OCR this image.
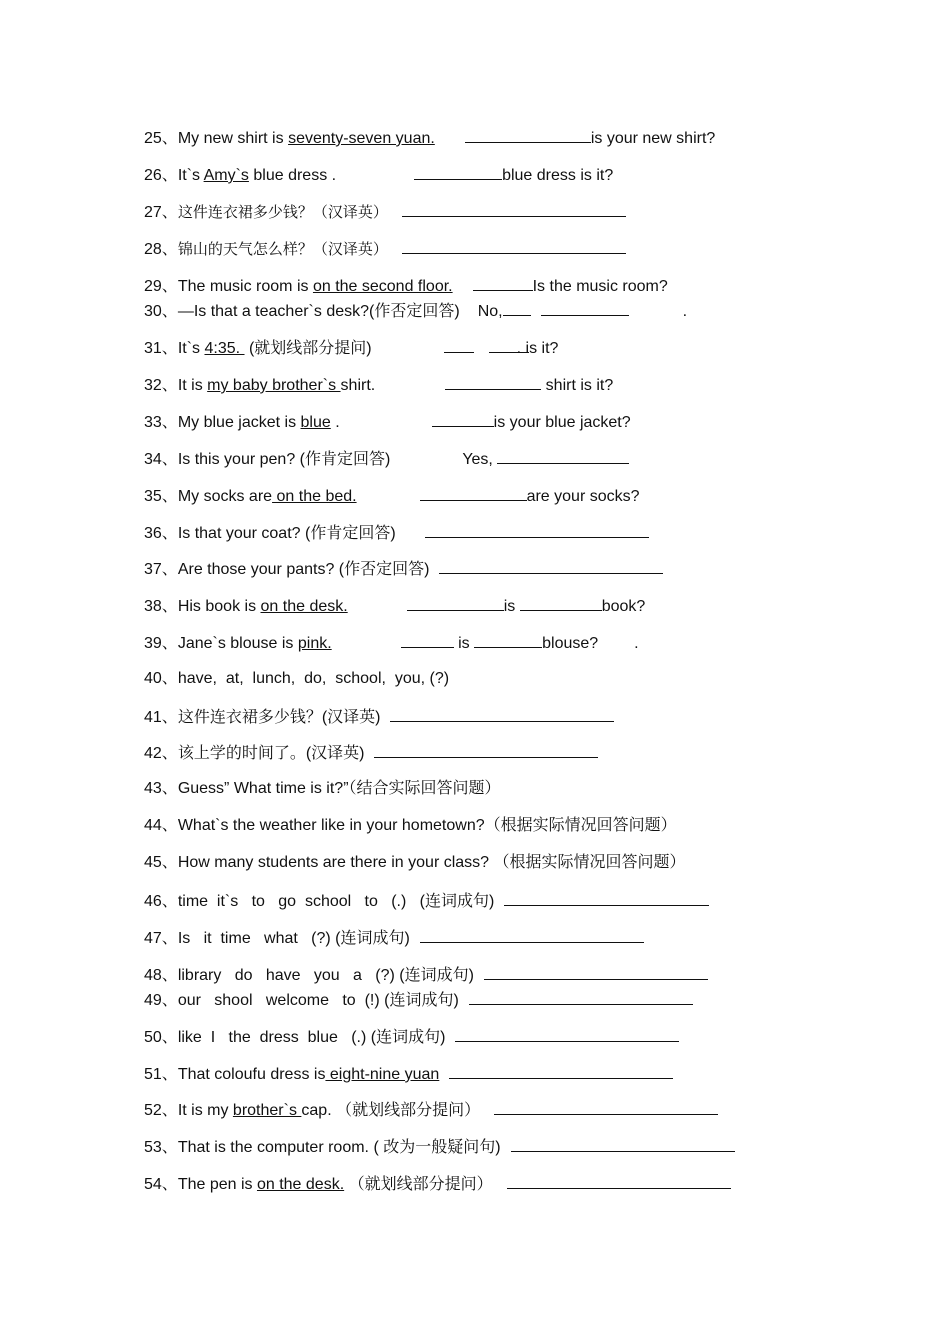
25、My new shirt is seventy-seven yuan.	is your new shirt?
26、It`s Amy`s blue dress .	blue dress is it?
27、这件连衣裙多少钱？（汉译英）
28、锦山的天气怎么样？（汉译英）
29、The music room is on the second floor.	Is the music room?
30、—Is that a teacher`s desk?(作否定回答) No,	.
31、It`s 4:35.  (就划线部分提问)	. is it?
32、It is my baby brother`s shirt.	shirt is it?
33、My blue jacket is blue .	is your blue jacket?
34、Is this your pen? (作肯定回答)	Yes,
35、My socks are on the bed.	are your socks?
36、Is that your coat? (作肯定回答)
37、Are those your pants? (作否定回答)
38、His book is on the desk.	is	book?
39、Jane`s blouse is pink.	is	blouse? .
40、have,  at,  lunch,  do,  school,  you, (?)
41、这件连衣裙多少钱？(汉译英)
42、该上学的时间了。(汉译英)
43、Guess” What time is it?”（结合实际回答问题）
44、What`s the weather like in your hometown?（根据实际情况回答问题）
45、How many students are there in your class? （根据实际情况回答问题）
46、time  it`s   to   go  school   to   (.)   (连词成句)
47、Is   it  time   what   (?) (连词成句)
48、library   do   have   you   a   (?) (连词成句)
49、our   shool   welcome   to  (!) (连词成句)
50、like  I   the  dress  blue   (.) (连词成句)
51、That coloufu dress is eight-nine yuan
52、It is my brother`s cap. （就划线部分提问）
53、That is the computer room. ( 改为一般疑问句)
54、The pen is on the desk. （就划线部分提问）
